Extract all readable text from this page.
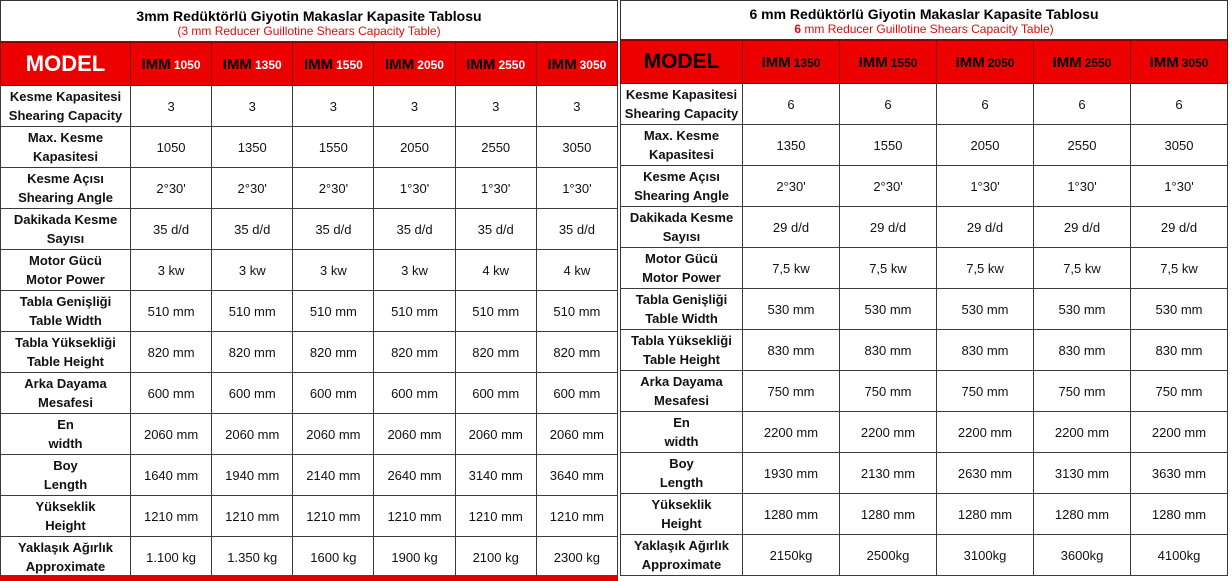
3mm Redüktörlü Giyotin Makaslar Kapasite Tablosu
(3 mm Reducer Guillotine Shears Capacity Table)
MODEL	IMM 1050	IMM 1350	IMM 1550	IMM 2050	IMM 2550	IMM 3050

Kesme Kapasitesi
Shearing Capacity	3	3	3	3	3	3

Max. Kesme
Kapasitesi	1050	1350	1550	2050	2550	3050

Kesme Açısı
Shearing Angle	2°30'	2°30'	2°30'	1°30'	1°30'	1°30'

Dakikada Kesme
Sayısı	35 d/d	35 d/d	35 d/d	35 d/d	35 d/d	35 d/d

Motor Gücü
Motor Power	3 kw	3 kw	3 kw	3 kw	4 kw	4 kw

Tabla Genişliği
Table Width	510 mm	510 mm	510 mm	510 mm	510 mm	510 mm

Tabla Yüksekliği
Table Height	820 mm	820 mm	820 mm	820 mm	820 mm	820 mm

Arka Dayama
Mesafesi	600 mm	600 mm	600 mm	600 mm	600 mm	600 mm

En
width	2060 mm	2060 mm	2060 mm	2060 mm	2060 mm	2060 mm

Boy
Length	1640 mm	1940 mm	2140 mm	2640 mm	3140 mm	3640 mm

Yükseklik
Height	1210 mm	1210 mm	1210 mm	1210 mm	1210 mm	1210 mm

Yaklaşık Ağırlık
Approximate	1.100 kg	1.350 kg	1600 kg	1900 kg	2100 kg	2300 kg
6 mm Redüktörlü Giyotin Makaslar Kapasite Tablosu
6 mm Reducer Guillotine Shears Capacity Table)
MODEL	IMM 1350	IMM 1550	IMM 2050	IMM 2550	IMM 3050

Kesme Kapasitesi
Shearing Capacity	6	6	6	6	6

Max. Kesme
Kapasitesi	1350	1550	2050	2550	3050

Kesme Açısı
Shearing Angle	2°30'	2°30'	1°30'	1°30'	1°30'

Dakikada Kesme
Sayısı	29 d/d	29 d/d	29 d/d	29 d/d	29 d/d

Motor Gücü
Motor Power	7,5 kw	7,5 kw	7,5 kw	7,5 kw	7,5 kw

Tabla Genişliği
Table Width	530 mm	530 mm	530 mm	530 mm	530 mm

Tabla Yüksekliği
Table Height	830 mm	830 mm	830 mm	830 mm	830 mm

Arka Dayama
Mesafesi	750 mm	750 mm	750 mm	750 mm	750 mm

En
width	2200 mm	2200 mm	2200 mm	2200 mm	2200 mm

Boy
Length	1930 mm	2130 mm	2630 mm	3130 mm	3630 mm

Yükseklik
Height	1280 mm	1280 mm	1280 mm	1280 mm	1280 mm

Yaklaşık Ağırlık
Approximate	2150kg	2500kg	3100kg	3600kg	4100kg
